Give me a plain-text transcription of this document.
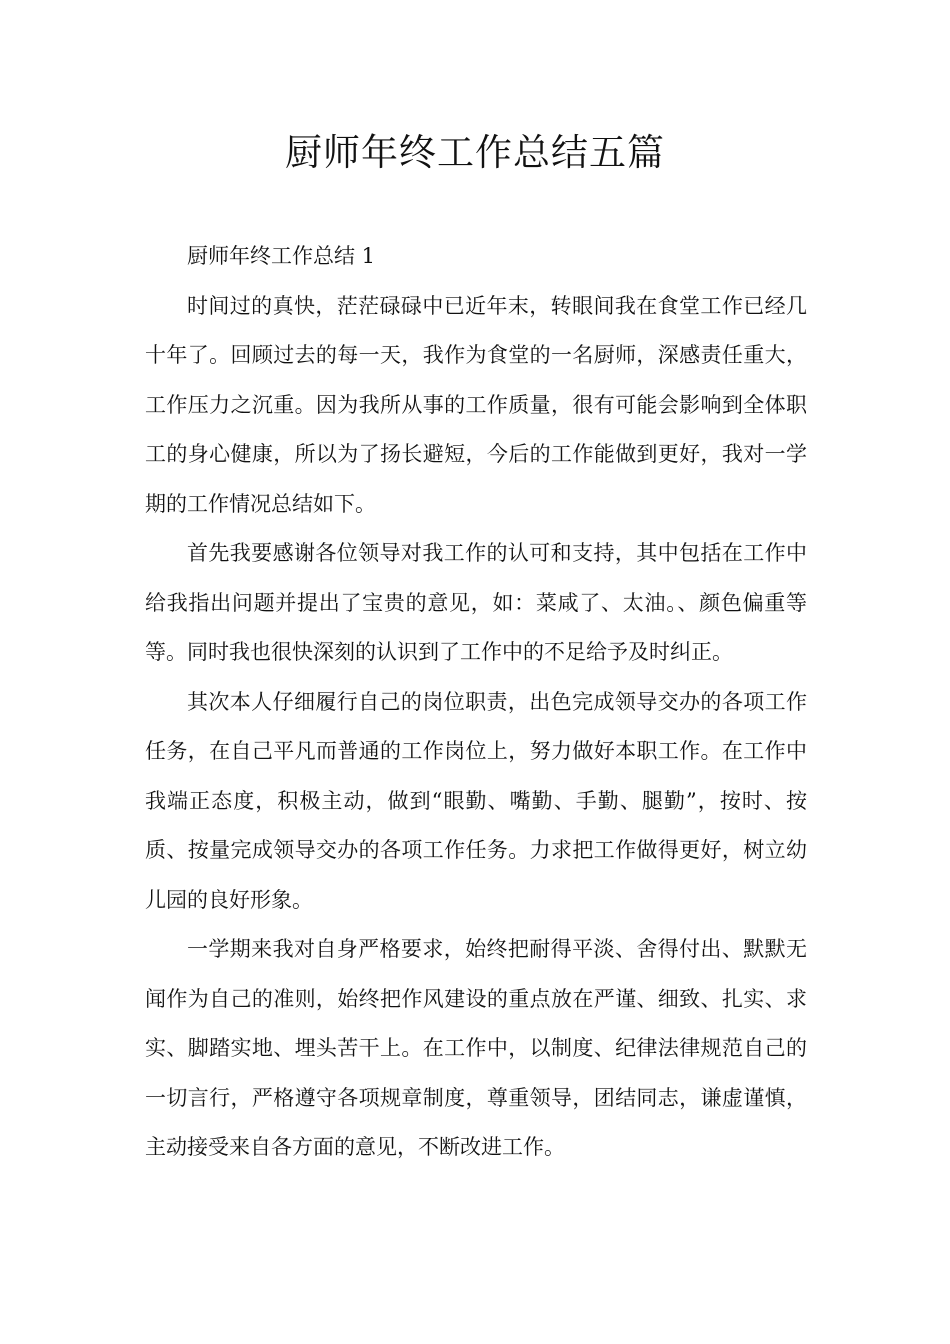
厨师年终工作总结五篇

厨师年终工作总结 1

时间过的真快，茫茫碌碌中已近年末，转眼间我在食堂工作已经几十年了。回顾过去的每一天，我作为食堂的一名厨师，深感责任重大，工作压力之沉重。因为我所从事的工作质量，很有可能会影响到全体职工的身心健康，所以为了扬长避短，今后的工作能做到更好，我对一学期的工作情况总结如下。

首先我要感谢各位领导对我工作的认可和支持，其中包括在工作中给我指出问题并提出了宝贵的意见，如：菜咸了、太油。、颜色偏重等等。同时我也很快深刻的认识到了工作中的不足给予及时纠正。

其次本人仔细履行自己的岗位职责，出色完成领导交办的各项工作任务，在自己平凡而普通的工作岗位上，努力做好本职工作。在工作中我端正态度，积极主动，做到“眼勤、嘴勤、手勤、腿勤”，按时、按质、按量完成领导交办的各项工作任务。力求把工作做得更好，树立幼儿园的良好形象。

一学期来我对自身严格要求，始终把耐得平淡、舍得付出、默默无闻作为自己的准则，始终把作风建设的重点放在严谨、细致、扎实、求实、脚踏实地、埋头苦干上。在工作中，以制度、纪律法律规范自己的一切言行，严格遵守各项规章制度，尊重领导，团结同志，谦虚谨慎，主动接受来自各方面的意见，不断改进工作。
